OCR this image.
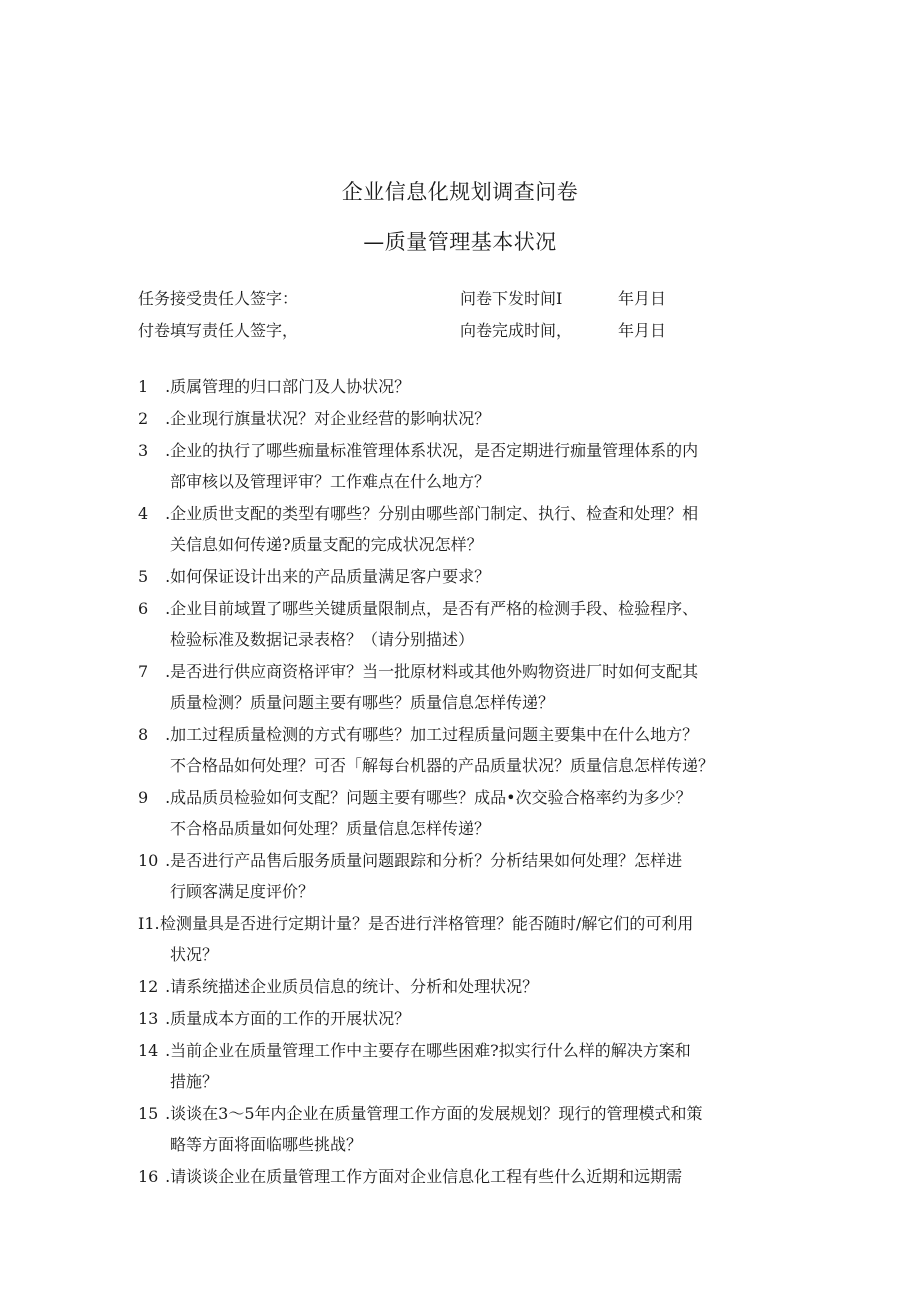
企业信息化规划调查问卷
—质量管理基本状况
任务接受贵任人签字：	问卷下发时间I	年月日
付卷填写责任人签字，	向卷完成时间，	年月日
1 .质属管理的归口部门及人协状况？
2 .企业现行旗量状况？对企业经营的影响状况？
3 .企业的执行了哪些痂量标准管理体系状况，是否定期进行痂量管理体系的内
部审核以及管理评审？工作难点在什么地方？
4 .企业质世支配的类型有哪些？分别由哪些部门制定、执行、检查和处理？相
关信息如何传递?质量支配的完成状况怎样？
5 .如何保证设计出来的产品质量满足客户要求？
6 .企业目前域置了哪些关键质量限制点，是否有严格的检测手段、检验程序、
检验标准及数据记录表格？（请分别描述）
7 .是否进行供应商资格评审？当一批原材料或其他外购物资进厂时如何支配其
质量检测？质量问题主要有哪些？质量信息怎样传递？
8 .加工过程质量检测的方式有哪些？加工过程质量问题主要集中在什么地方？
不合格品如何处理？可否「解每台机器的产品质量状况？质量信息怎样传递？
9 .成品质员检验如何支配？问题主要有哪些？成品•次交验合格率约为多少？
不合格品质量如何处理？质量信息怎样传递？
10 .是否进行产品售后服务质量问题跟踪和分析？分析结果如何处理？怎样进
行顾客满足度评价？
I1.检测量具是否进行定期计量？是否进行泮格管理？能否随时/解它们的可利用
状况？
12 .请系统描述企业质员信息的统计、分析和处理状况？
13 .质量成本方面的工作的开展状况？
14 .当前企业在质量管理工作中主要存在哪些困难?拟实行什么样的解决方案和
措施？
15 .谈谈在3～5年内企业在质量管理工作方面的发展规划？现行的管理模式和策
略等方面将面临哪些挑战？
16 .请谈谈企业在质量管理工作方面对企业信息化工程有些什么近期和远期需
